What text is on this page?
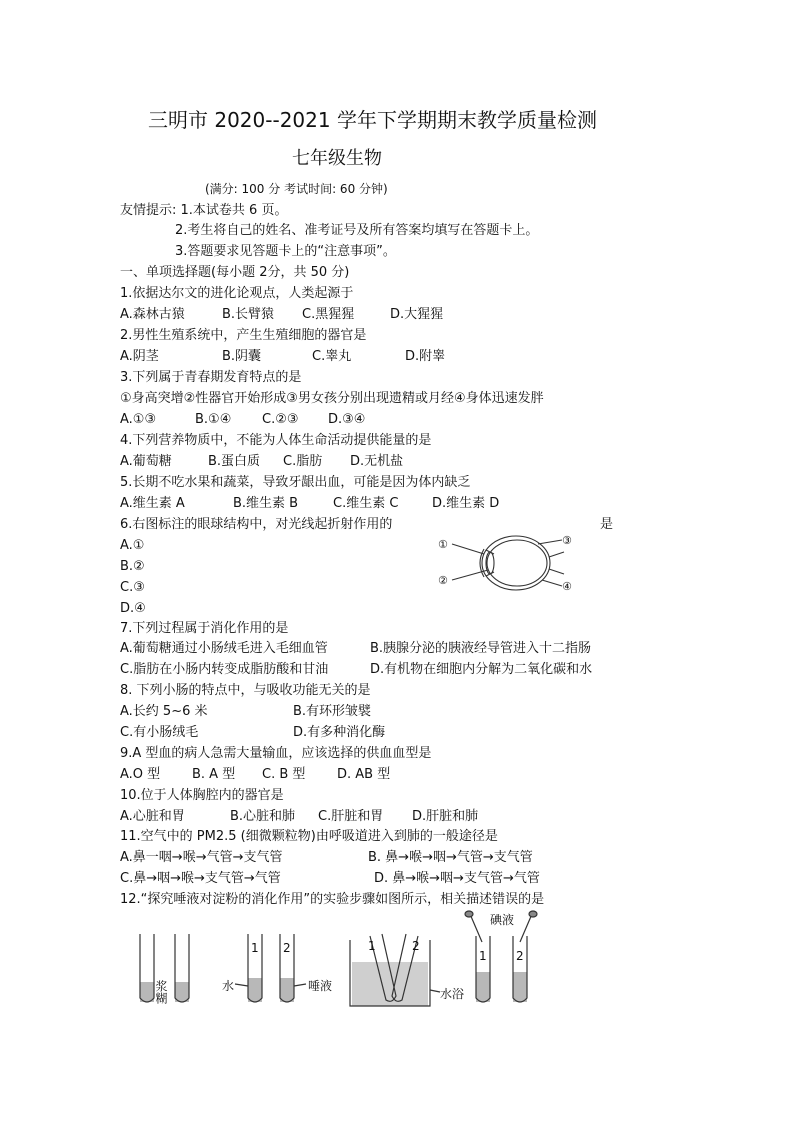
三明市 2020--2021 学年下学期期末教学质量检测
七年级生物
(满分: 100 分 考试时间: 60 分钟)
友情提示: 1.本试卷共 6 页。
2.考生将自己的姓名、准考证号及所有答案均填写在答题卡上。
3.答题要求见答题卡上的“注意事项”。
一、单项选择题(每小题 2分，共 50 分)
1.依据达尔文的进化论观点，人类起源于
A.森林古猿	B.长臂猿 C.黑猩猩	D.大猩猩
2.男性生殖系统中，产生生殖细胞的器官是
A.阴茎	B.阴囊	C.睾丸	D.附睾
3.下列属于青春期发育特点的是
①身高突增②性器官开始形成③男女孩分别出现遗精或月经④身体迅速发胖
A.①③	B.①④ C.②③ D.③④
4.下列营养物质中，不能为人体生命活动提供能量的是
A.葡萄糖	B.蛋白质 C.脂肪 D.无机盐
5.长期不吃水果和蔬菜，导致牙龈出血，可能是因为体内缺乏
A.维生素 A	B.维生素 B	C.维生素 C	D.维生素 D
6.右图标注的眼球结构中，对光线起折射作用的	是
A.①
B.②
C.③
D.④
①
②
③
④
7.下列过程属于消化作用的是
A.葡萄糖通过小肠绒毛进入毛细血管	B.胰腺分泌的胰液经导管进入十二指肠
C.脂肪在小肠内转变成脂肪酸和甘油	D.有机物在细胞内分解为二氧化碳和水
8. 下列小肠的特点中，与吸收功能无关的是
A.长约 5~6 米	B.有环形皱襞
C.有小肠绒毛	D.有多种消化酶
9.A 型血的病人急需大量输血，应该选择的供血血型是
A.O 型 B. A 型 C. B 型 D. AB 型
10.位于人体胸腔内的器官是
A.心脏和胃	B.心脏和肺 C.肝脏和胃 D.肝脏和肺
11.空气中的 PM2.5 (细微颗粒物)由呼吸道进入到肺的一般途径是
A.鼻一咽→喉→气管→支气管	B. 鼻→喉→咽→气管→支气管
C.鼻→咽→喉→支气管→气管	D. 鼻→喉→咽→支气管→气管
12.“探究唾液对淀粉的消化作用”的实验步骤如图所示，相关描述错误的是
浆糊	水	唾液
1 2	1	2
水浴
碘液
1 2
